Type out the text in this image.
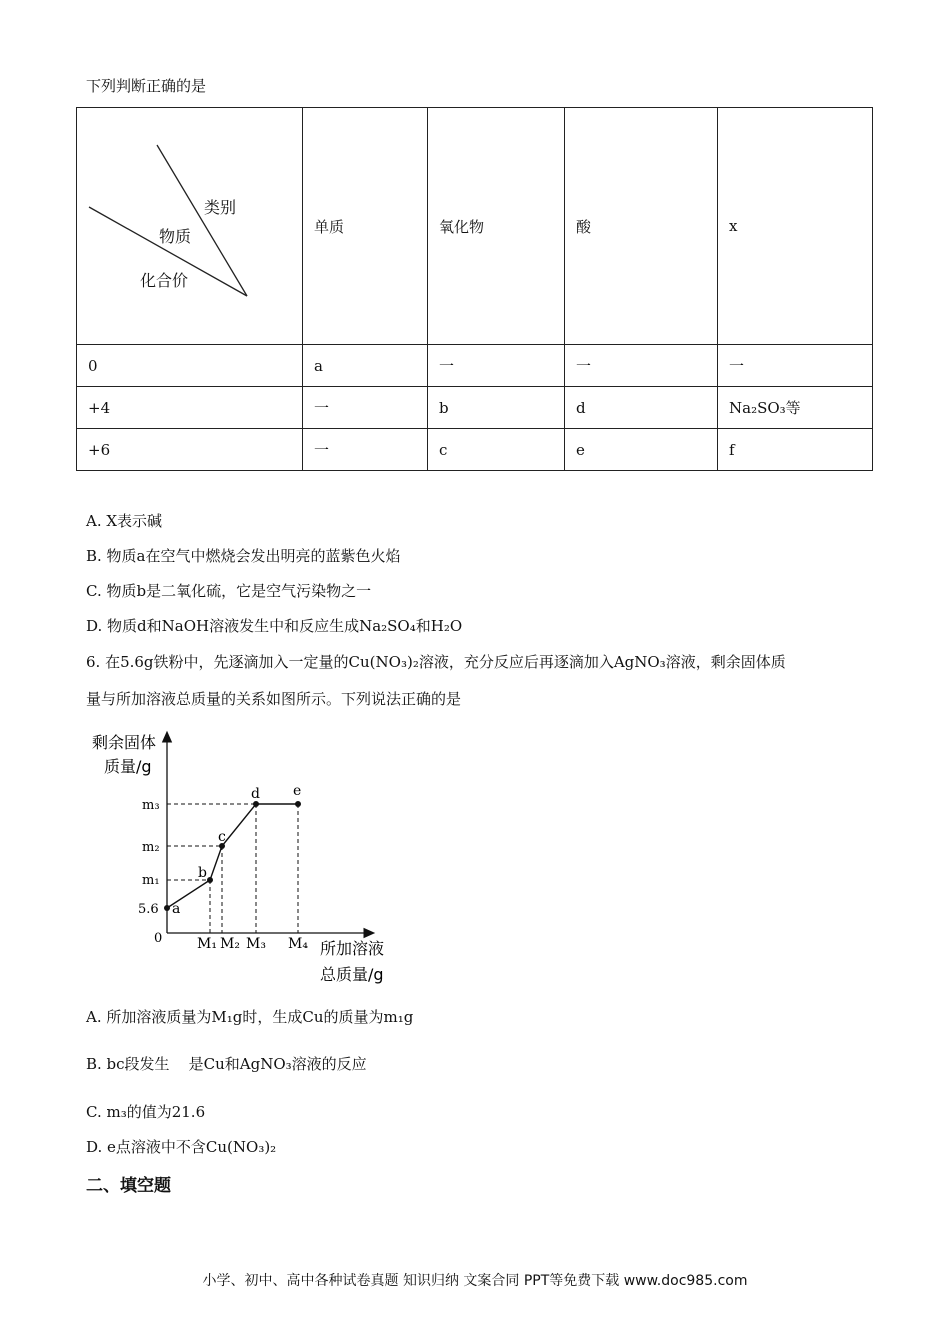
下列判断正确的是
类别
物质
化合价	单质	氧化物	酸	x
0	a	一	一	一
+4	一	b	d	Na₂SO₃等
+6	一	c	e	f
A. X表示碱
B. 物质a在空气中燃烧会发出明亮的蓝紫色火焰
C. 物质b是二氧化硫，它是空气污染物之一
D. 物质d和NaOH溶液发生中和反应生成Na₂SO₄和H₂O
6. 在5.6g铁粉中，先逐滴加入一定量的Cu(NO₃)₂溶液，充分反应后再逐滴加入AgNO₃溶液，剩余固体质
量与所加溶液总质量的关系如图所示。下列说法正确的是
a
b
c
d e
剩余固体
质量/g
m₃
m₂
m₁
5.6
0 M₁ M₂ M₃ M₄ 所加溶液
总质量/g
A. 所加溶液质量为M₁g时，生成Cu的质量为m₁g
B. bc段发生    是Cu和AgNO₃溶液的反应
C. m₃的值为21.6
D. e点溶液中不含Cu(NO₃)₂
二、填空题
小学、初中、高中各种试卷真题 知识归纳 文案合同 PPT等免费下载 www.doc985.com
